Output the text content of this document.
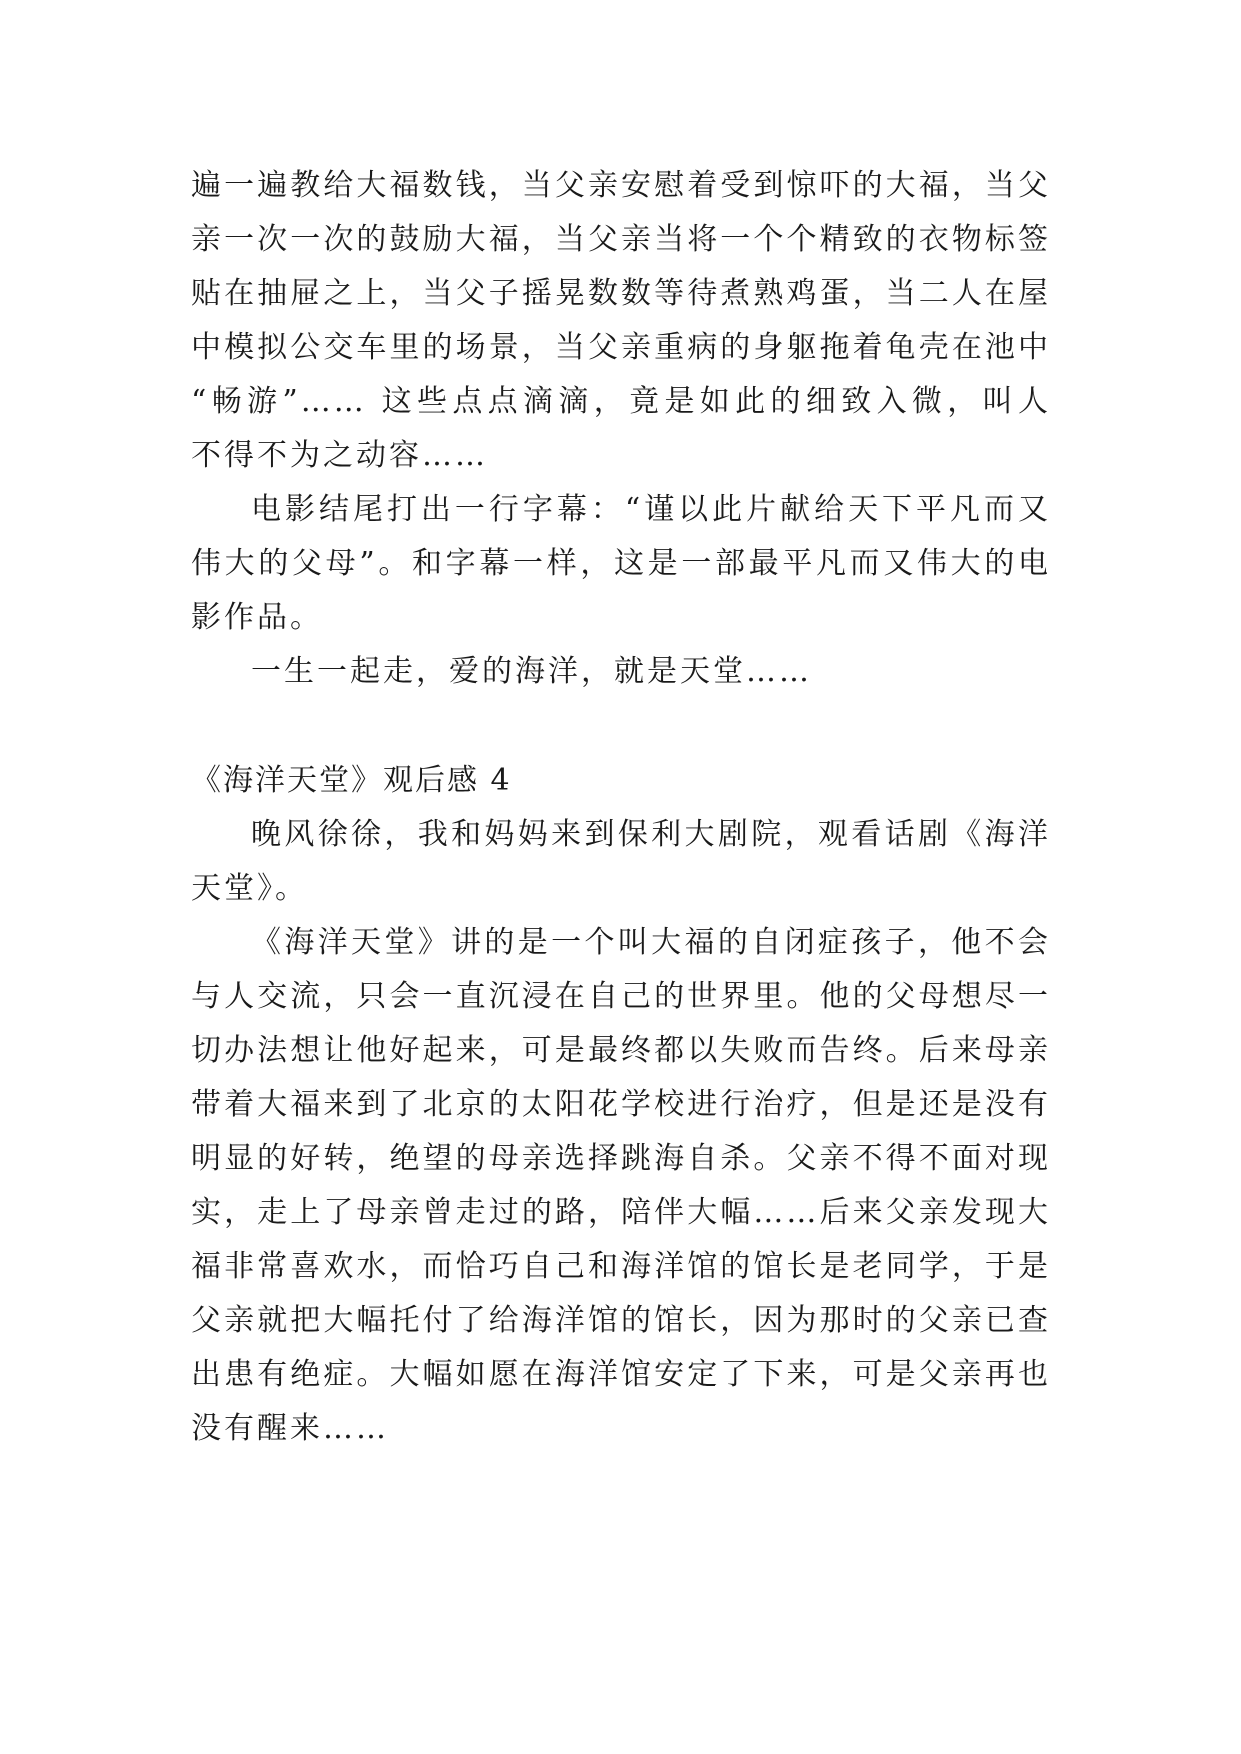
遍一遍教给大福数钱，当父亲安慰着受到惊吓的大福，当父
亲一次一次的鼓励大福，当父亲当将一个个精致的衣物标签
贴在抽屉之上，当父子摇晃数数等待煮熟鸡蛋，当二人在屋
中模拟公交车里的场景，当父亲重病的身躯拖着龟壳在池中
“畅游”…… 这些点点滴滴，竟是如此的细致入微，叫人
不得不为之动容……
电影结尾打出一行字幕：“谨以此片献给天下平凡而又
伟大的父母”。和字幕一样，这是一部最平凡而又伟大的电
影作品。
一生一起走，爱的海洋，就是天堂……
《海洋天堂》观后感 4
晚风徐徐，我和妈妈来到保利大剧院，观看话剧《海洋
天堂》。
《海洋天堂》讲的是一个叫大福的自闭症孩子，他不会
与人交流，只会一直沉浸在自己的世界里。他的父母想尽一
切办法想让他好起来，可是最终都以失败而告终。后来母亲
带着大福来到了北京的太阳花学校进行治疗，但是还是没有
明显的好转，绝望的母亲选择跳海自杀。父亲不得不面对现
实，走上了母亲曾走过的路，陪伴大幅……后来父亲发现大
福非常喜欢水，而恰巧自己和海洋馆的馆长是老同学，于是
父亲就把大幅托付了给海洋馆的馆长，因为那时的父亲已查
出患有绝症。大幅如愿在海洋馆安定了下来，可是父亲再也
没有醒来……
